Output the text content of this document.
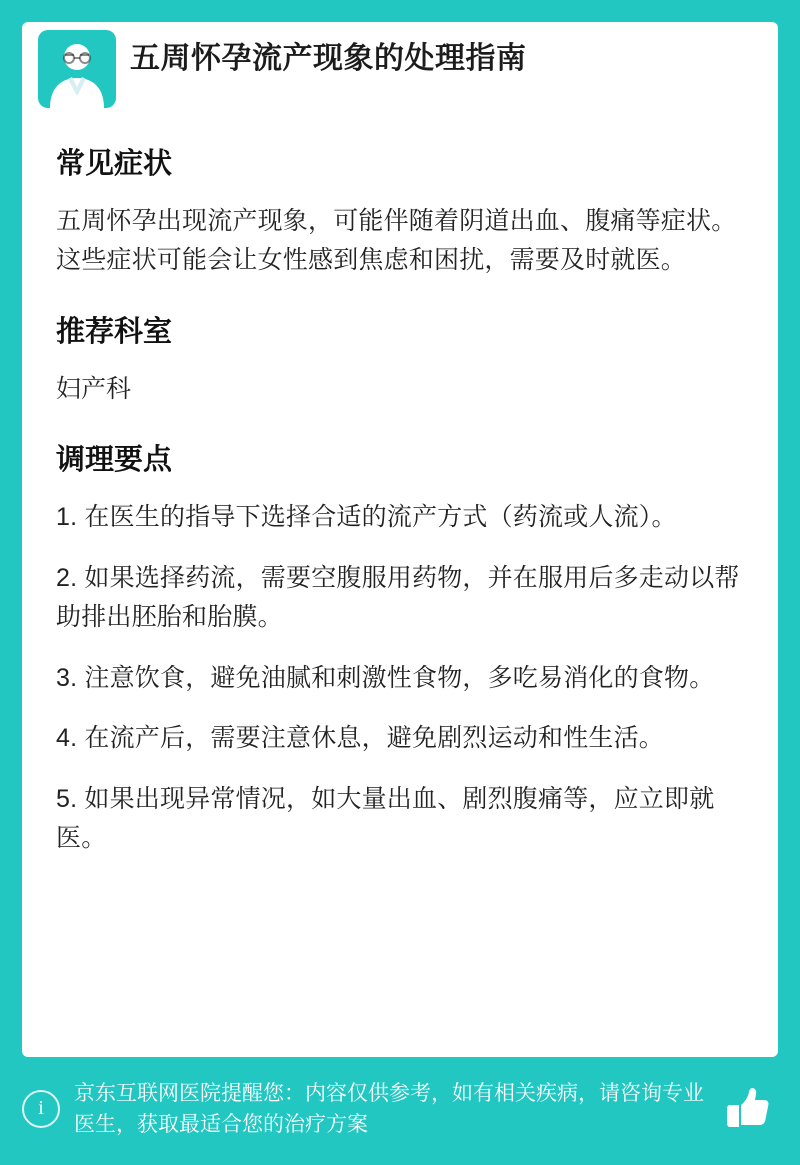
五周怀孕流产现象的处理指南
常见症状

五周怀孕出现流产现象，可能伴随着阴道出血、腹痛等症状。这些症状可能会让女性感到焦虑和困扰，需要及时就医。

推荐科室

妇产科

调理要点
1. 在医生的指导下选择合适的流产方式（药流或人流）。
2. 如果选择药流，需要空腹服用药物，并在服用后多走动以帮助排出胚胎和胎膜。
3. 注意饮食，避免油腻和刺激性食物，多吃易消化的食物。
4. 在流产后，需要注意休息，避免剧烈运动和性生活。
5. 如果出现异常情况，如大量出血、剧烈腹痛等，应立即就医。
i
京东互联网医院提醒您：内容仅供参考，如有相关疾病，请咨询专业医生，获取最适合您的治疗方案
